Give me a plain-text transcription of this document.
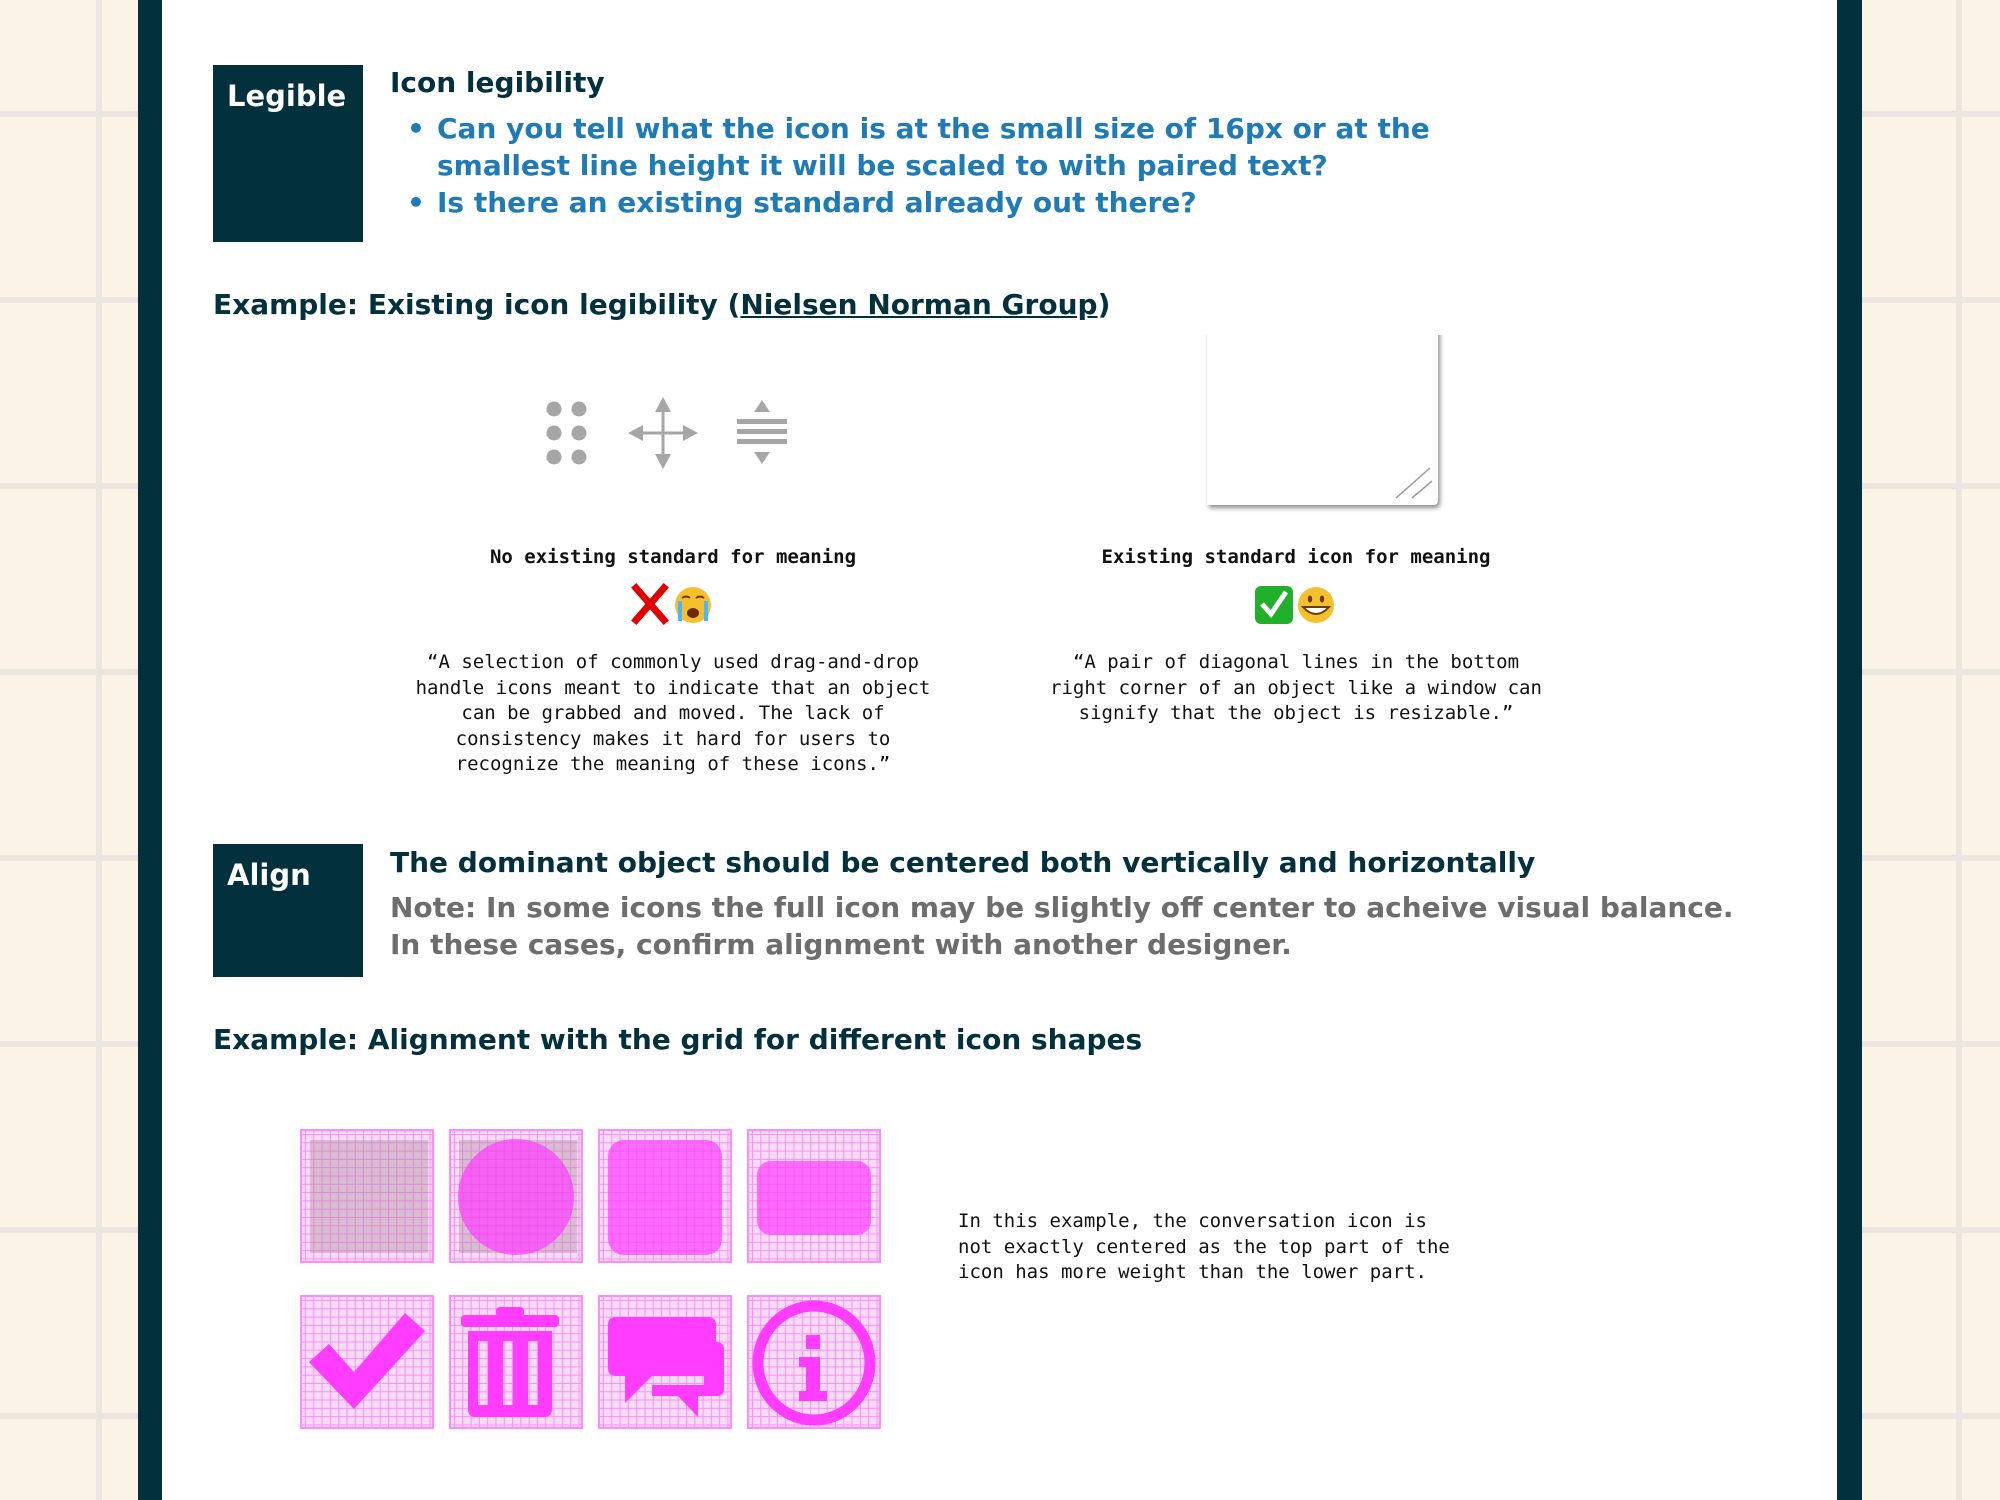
Legible	Icon legibility
• Can you tell what the icon is at the small size of 16px or at the smallest line height it will be scaled to with paired text?
• Is there an existing standard already out there?
Example: Existing icon legibility (Nielsen Norman Group)
No existing standard for meaning
“A selection of commonly used drag-and-drop
handle icons meant to indicate that an object
can be grabbed and moved. The lack of
consistency makes it hard for users to
recognize the meaning of these icons.”
Existing standard icon for meaning
“A pair of diagonal lines in the bottom
right corner of an object like a window can
signify that the object is resizable.”
Align	The dominant object should be centered both vertically and horizontally
Note: In some icons the full icon may be slightly off center to acheive visual balance.
In these cases, confirm alignment with another designer.
Example: Alignment with the grid for different icon shapes
In this example, the conversation icon is
not exactly centered as the top part of the
icon has more weight than the lower part.
